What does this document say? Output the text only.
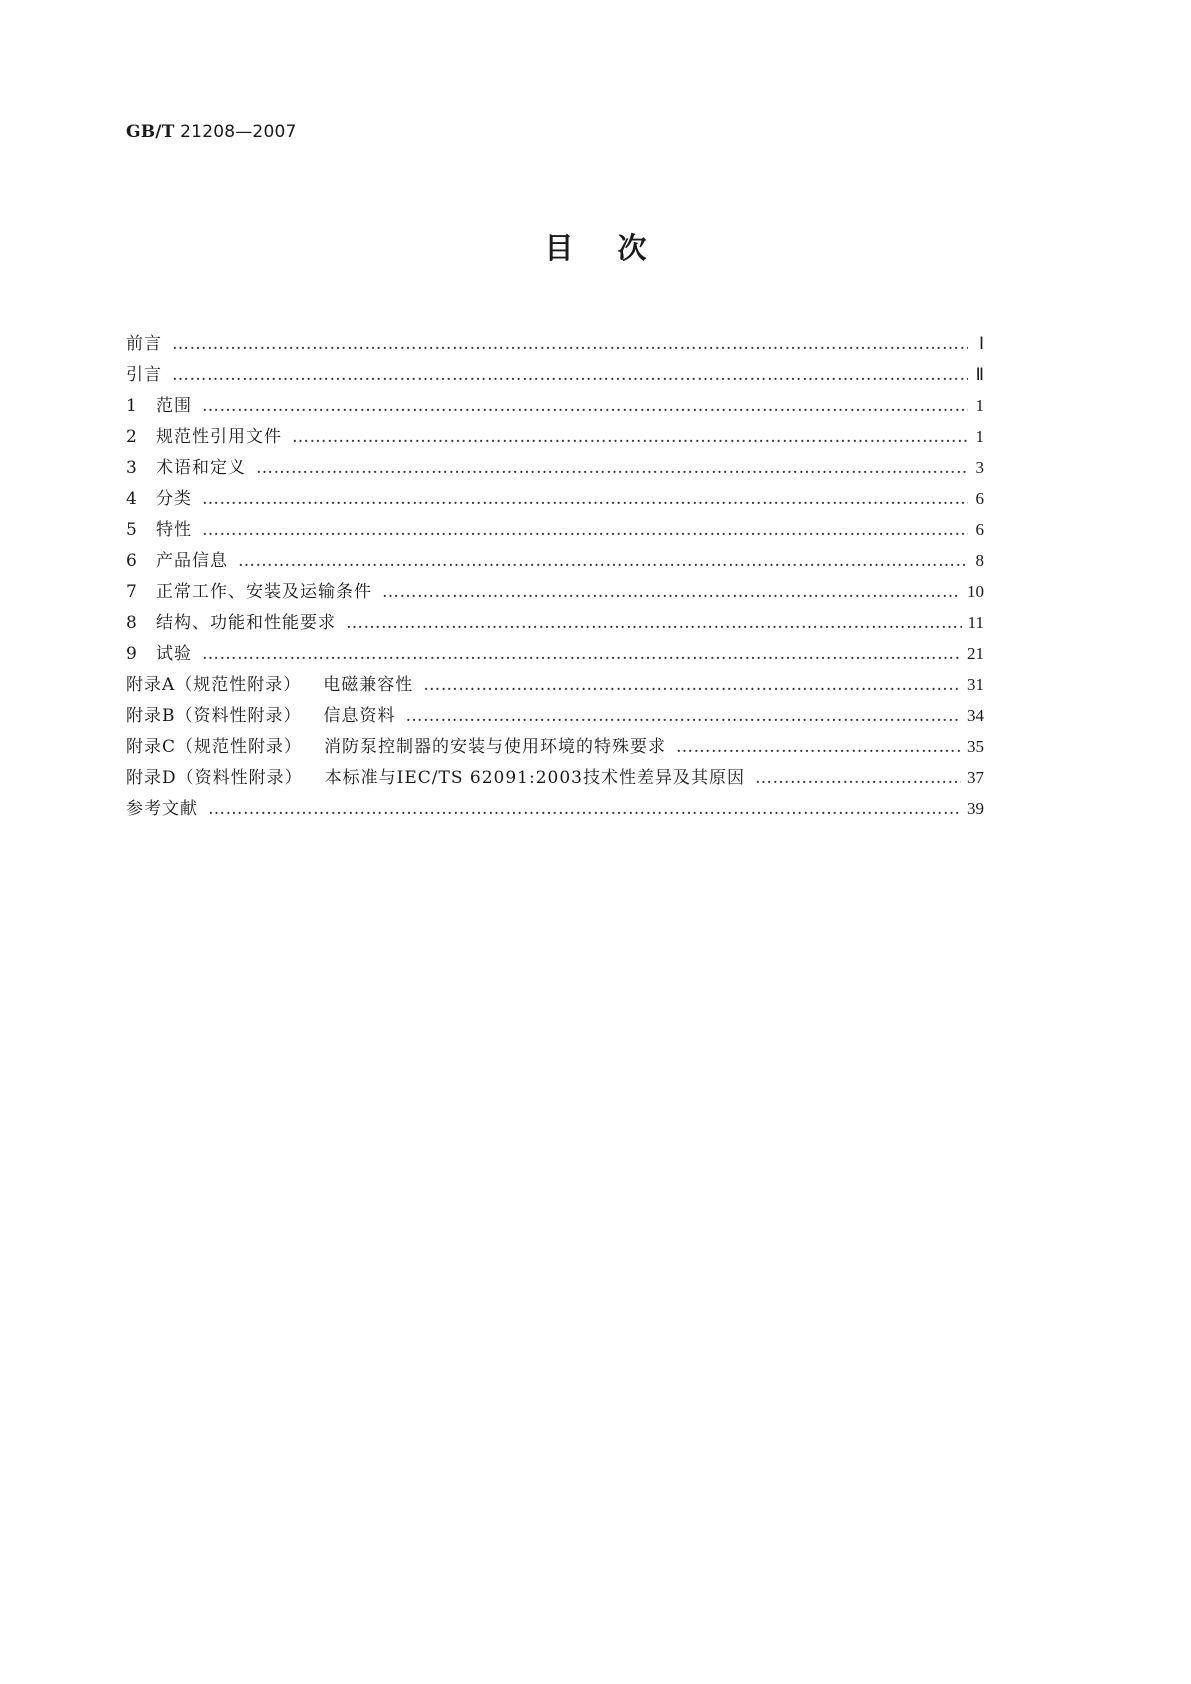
GB/T 21208—2007
目次
前言 ……………………………………………………………………………………………………………………………………………………………………………………………………………………………………………………	Ⅰ
引言 ……………………………………………………………………………………………………………………………………………………………………………………………………………………………………………………	Ⅱ
1	范围 ……………………………………………………………………………………………………………………………………………………………………………………………………………………………………………………	1
2	规范性引用文件 ……………………………………………………………………………………………………………………………………………………………………………………………………………………………………………………	1
3	术语和定义 ……………………………………………………………………………………………………………………………………………………………………………………………………………………………………………………	3
4	分类 ……………………………………………………………………………………………………………………………………………………………………………………………………………………………………………………	6
5	特性 ……………………………………………………………………………………………………………………………………………………………………………………………………………………………………………………	6
6	产品信息 ……………………………………………………………………………………………………………………………………………………………………………………………………………………………………………………	8
7	正常工作、安装及运输条件 ……………………………………………………………………………………………………………………………………………………………………………………………………………………………………………………	10
8	结构、功能和性能要求 ……………………………………………………………………………………………………………………………………………………………………………………………………………………………………………………	11
9	试验 ……………………………………………………………………………………………………………………………………………………………………………………………………………………………………………………	21
附录A（规范性附录） 电磁兼容性 ……………………………………………………………………………………………………………………………………………………………………………………………………………………………………………………	31
附录B（资料性附录） 信息资料 ……………………………………………………………………………………………………………………………………………………………………………………………………………………………………………………	34
附录C（规范性附录） 消防泵控制器的安装与使用环境的特殊要求 ……………………………………………………………………………………………………………………………………………………………………………………………………………………………………………………	35
附录D（资料性附录） 本标准与IEC/TS 62091:2003技术性差异及其原因 ……………………………………………………………………………………………………………………………………………………………………………………………………………………………………………………	37
参考文献 ……………………………………………………………………………………………………………………………………………………………………………………………………………………………………………………	39
